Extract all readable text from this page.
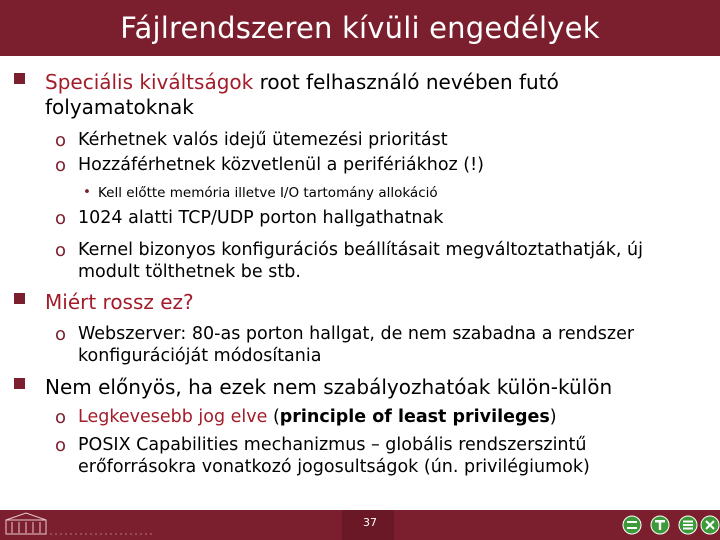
Fájlrendszeren kívüli engedélyek
Speciális kiváltságok root felhasználó nevében futó
folyamatoknak
o Kérhetnek valós idejű ütemezési prioritást
o Hozzáférhetnek közvetlenül a perifériákhoz (!)
• Kell előtte memória illetve I/O tartomány allokáció
o 1024 alatti TCP/UDP porton hallgathatnak
o Kernel bizonyos konfigurációs beállításait megváltoztathatják, új
modult tölthetnek be stb.
Miért rossz ez?
o Webszerver: 80-as porton hallgat, de nem szabadna a rendszer
konfigurációját módosítania
Nem előnyös, ha ezek nem szabályozhatóak külön-külön
o Legkevesebb jog elve (principle of least privileges)
o POSIX Capabilities mechanizmus – globális rendszerszintű
erőforrásokra vonatkozó jogosultságok (ún. privilégiumok)
37
